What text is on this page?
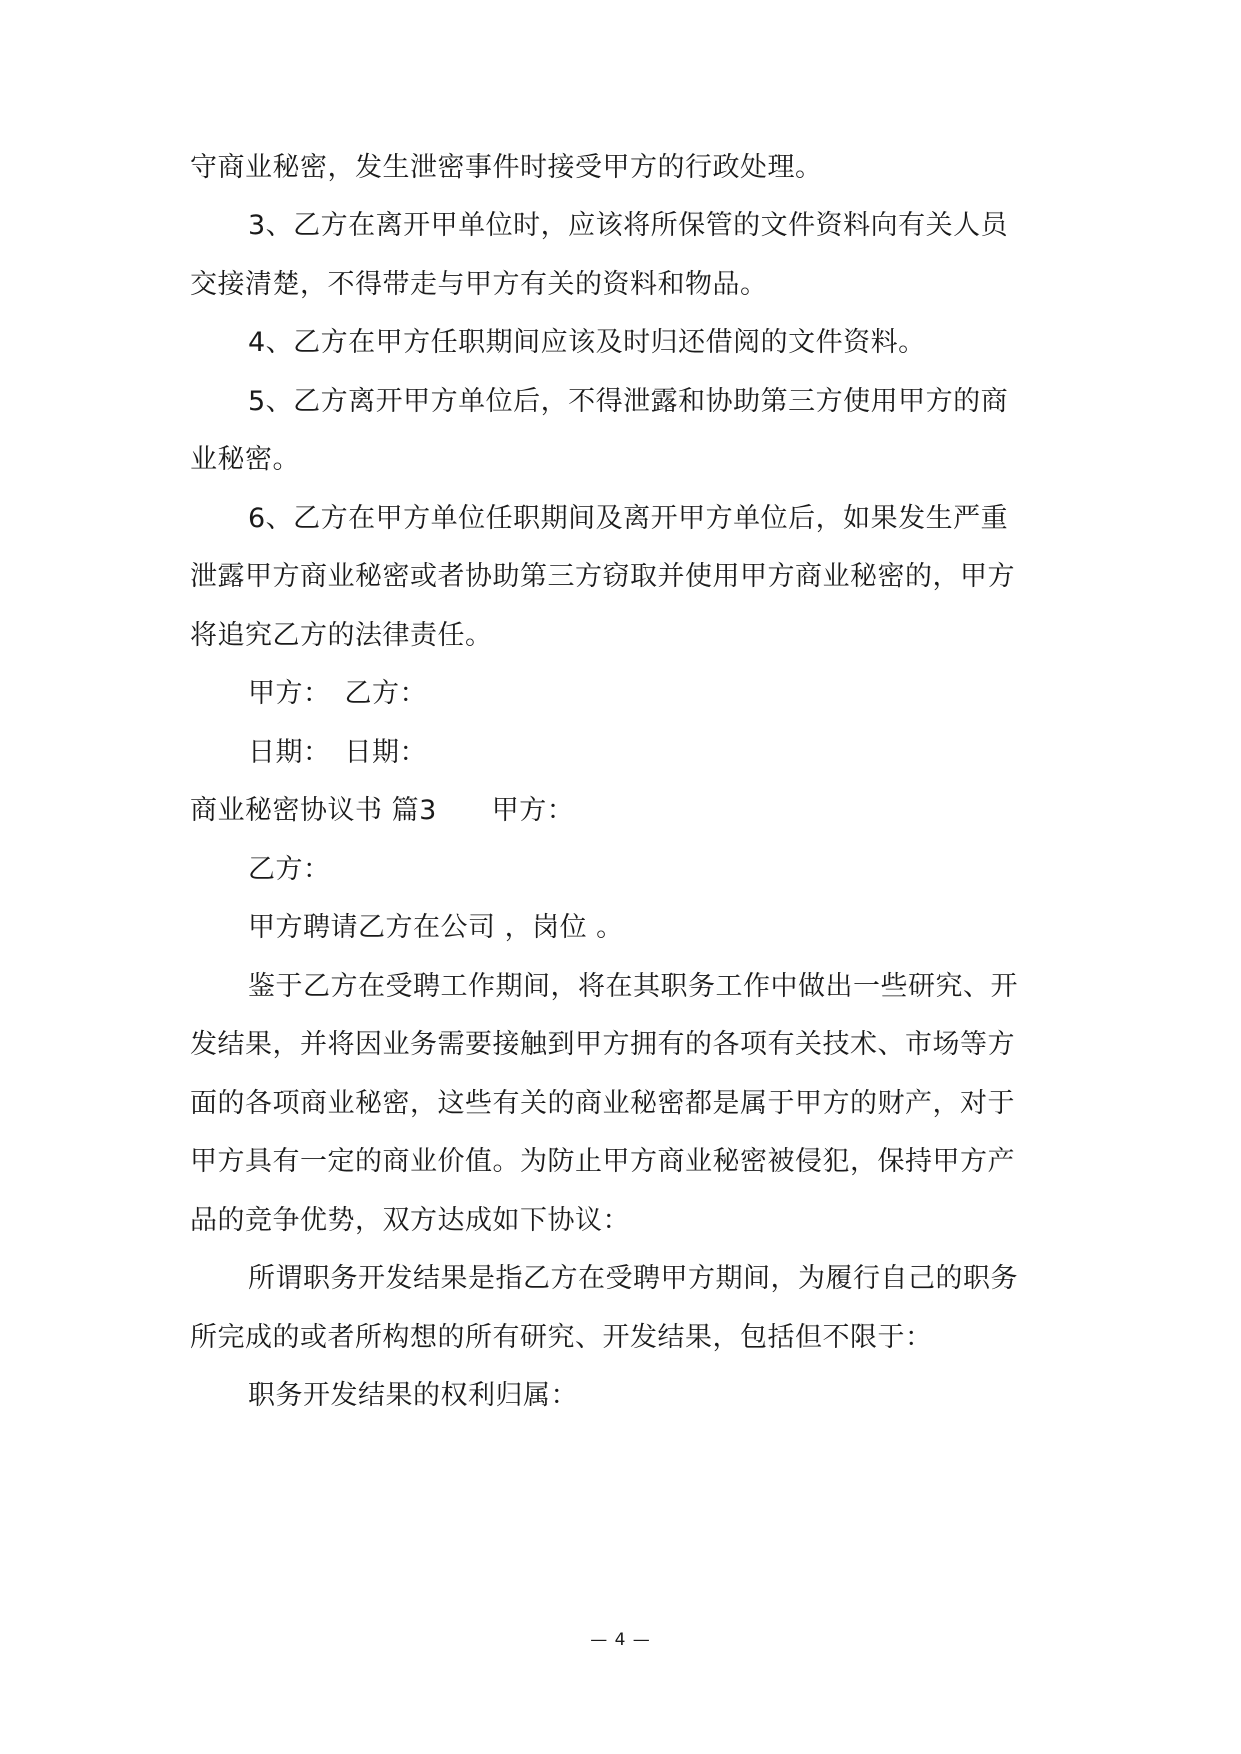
守商业秘密，发生泄密事件时接受甲方的行政处理。
3、乙方在离开甲单位时，应该将所保管的文件资料向有关人员
交接清楚，不得带走与甲方有关的资料和物品。
4、乙方在甲方任职期间应该及时归还借阅的文件资料。
5、乙方离开甲方单位后，不得泄露和协助第三方使用甲方的商
业秘密。
6、乙方在甲方单位任职期间及离开甲方单位后，如果发生严重
泄露甲方商业秘密或者协助第三方窃取并使用甲方商业秘密的，甲方
将追究乙方的法律责任。
甲方：　乙方：
日期：　日期：
商业秘密协议书 篇3　　甲方：
乙方：
甲方聘请乙方在公司 ，岗位 。
鉴于乙方在受聘工作期间，将在其职务工作中做出一些研究、开
发结果，并将因业务需要接触到甲方拥有的各项有关技术、市场等方
面的各项商业秘密，这些有关的商业秘密都是属于甲方的财产，对于
甲方具有一定的商业价值。为防止甲方商业秘密被侵犯，保持甲方产
品的竞争优势，双方达成如下协议：
所谓职务开发结果是指乙方在受聘甲方期间，为履行自己的职务
所完成的或者所构想的所有研究、开发结果，包括但不限于：
职务开发结果的权利归属：
— 4 —
